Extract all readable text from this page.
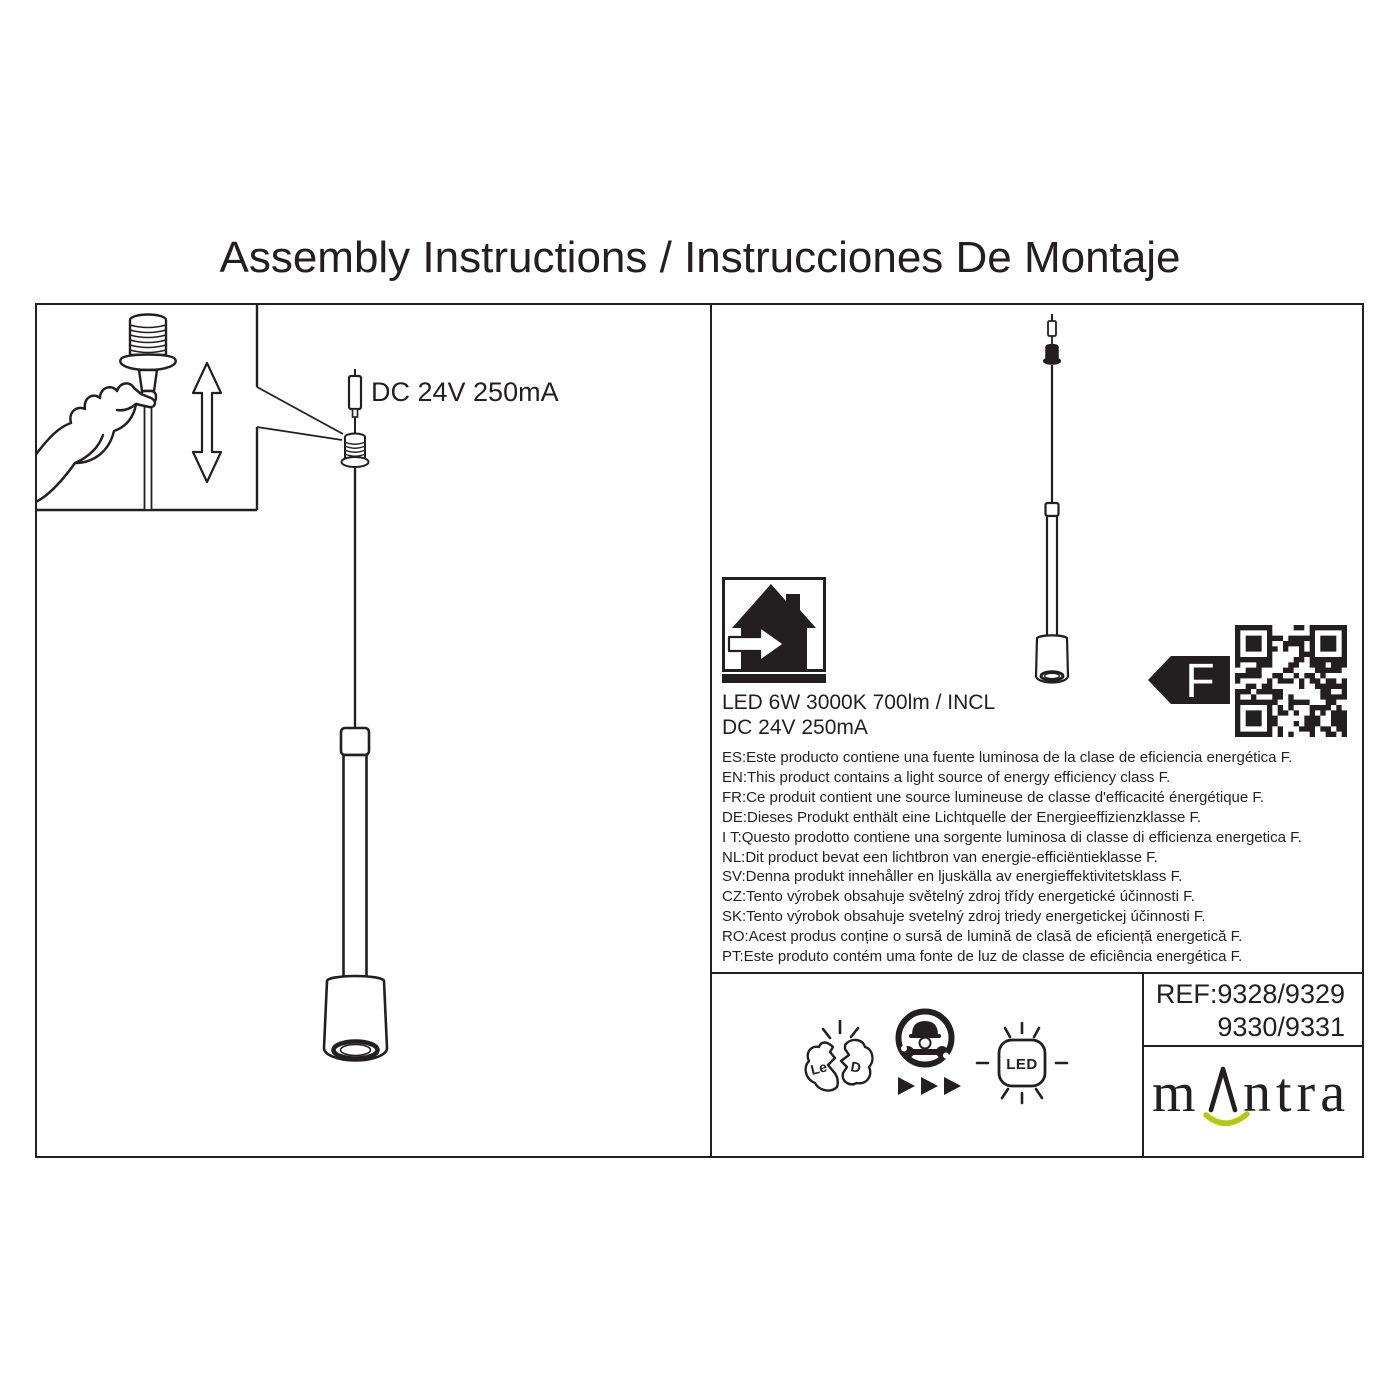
Assembly Instructions / Instrucciones De Montaje
DC 24V 250mA
LED 6W 3000K 700lm / INCL
DC 24V 250mA
ES:Este producto contiene una fuente luminosa de la clase de eficiencia energética F.
EN:This product contains a light source of energy efficiency class F.
FR:Ce produit contient une source lumineuse de classe d'efficacité énergétique F.
DE:Dieses Produkt enthält eine Lichtquelle der Energieeffizienzklasse F.
I T:Questo prodotto contiene una sorgente luminosa di classe di efficienza energetica F.
NL:Dit product bevat een lichtbron van energie-efficiëntieklasse F.
SV:Denna produkt innehåller en ljuskälla av energieffektivitetsklass F.
CZ:Tento výrobek obsahuje světelný zdroj třídy energetické účinnosti F.
SK:Tento výrobok obsahuje svetelný zdroj triedy energetickej účinnosti F.
RO:Acest produs conține o sursă de lumină de clasă de eficiență energetică F.
PT:Este produto contém uma fonte de luz de classe de eficiência energética F.
F
Le D	LED
REF:9328/9329
9330/9331
m ntra
